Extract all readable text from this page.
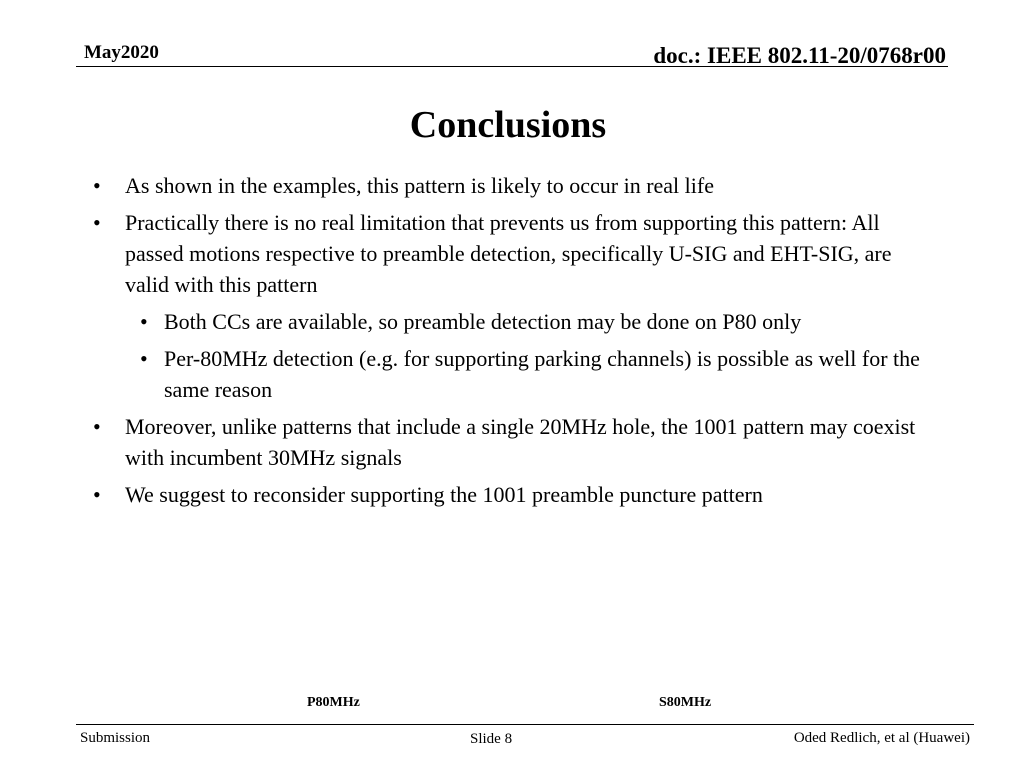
May2020	doc.: IEEE 802.11-20/0768r00
Conclusions
• As shown in the examples, this pattern is likely to occur in real life
• Practically there is no real limitation that prevents us from supporting this pattern: All passed motions respective to preamble detection, specifically U-SIG and EHT-SIG, are valid with this pattern
• Both CCs are available, so preamble detection may be done on P80 only
• Per-80MHz detection (e.g. for supporting parking channels) is possible as well for the same reason
• Moreover, unlike patterns that include a single 20MHz hole, the 1001 pattern may coexist with incumbent 30MHz signals
• We suggest to reconsider supporting the 1001 preamble puncture pattern
P80MHz	S80MHz
Submission	Slide 8	Oded Redlich, et al (Huawei)
